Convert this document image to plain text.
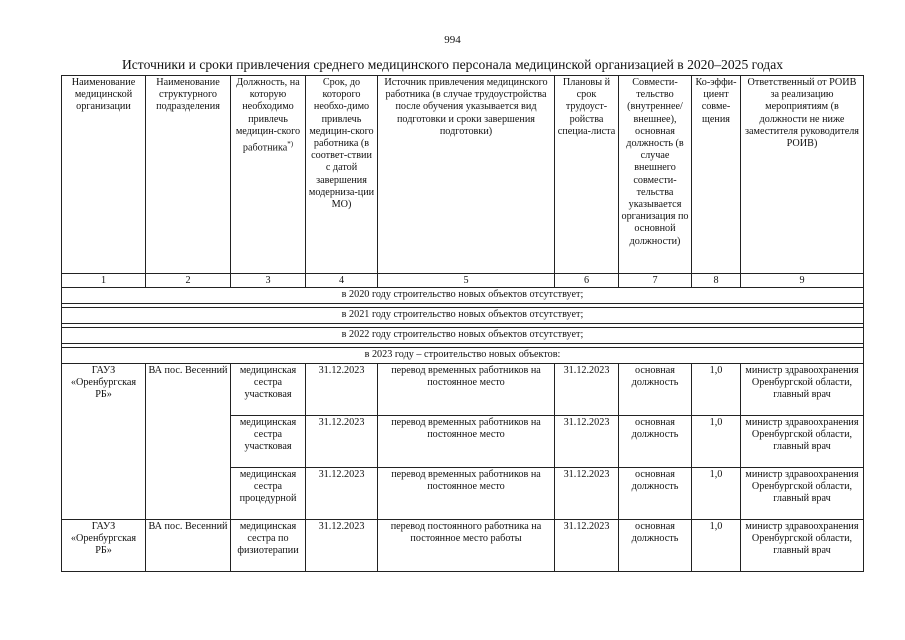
994
Источники и сроки привлечения среднего медицинского персонала медицинской организацией в 2020–2025 годах
Наименование медицинской организации	Наименование структурного подразделения	Должность, на которую необходимо привлечь медицин-ского работника*)	Срок, до которого необхо-димо привлечь медицин-ского работника (в соответ-ствии с датой завершения модерниза-ции МО)	Источник привлечения медицинского работника (в случае трудоустройства после обучения указывается вид подготовки и сроки завершения подготовки)	Плановы й срок трудоуст-ройства специа-листа	Совмести-тельство (внутреннее/ внешнее), основная должность (в случае внешнего совмести-тельства указывается организация по основной должности)	Ко-эффи-циент совме-щения	Ответственный от РОИВ за реализацию мероприятиям (в должности не ниже заместителя руководителя РОИВ)
1	2	3	4	5	6	7	8	9
в 2020 году строительство новых объектов отсутствует;								

в 2021 году строительство новых объектов отсутствует;								

в 2022 году строительство новых объектов отсутствует;								

в 2023 году – строительство новых объектов:								
ГАУЗ «Оренбургская РБ»	ВА пос. Весенний	медицинская сестра участковая	31.12.2023	перевод временных работников на постоянное место	31.12.2023	основная должность	1,0	министр здравоохранения Оренбургской области, главный врач
		медицинская сестра участковая	31.12.2023	перевод временных работников на постоянное место	31.12.2023	основная должность	1,0	министр здравоохранения Оренбургской области, главный врач
		медицинская сестра процедурной	31.12.2023	перевод временных работников на постоянное место	31.12.2023	основная должность	1,0	министр здравоохранения Оренбургской области, главный врач
ГАУЗ «Оренбургская РБ»	ВА пос. Весенний	медицинская сестра по физиотерапии	31.12.2023	перевод постоянного работника на постоянное место работы	31.12.2023	основная должность	1,0	министр здравоохранения Оренбургской области, главный врач
